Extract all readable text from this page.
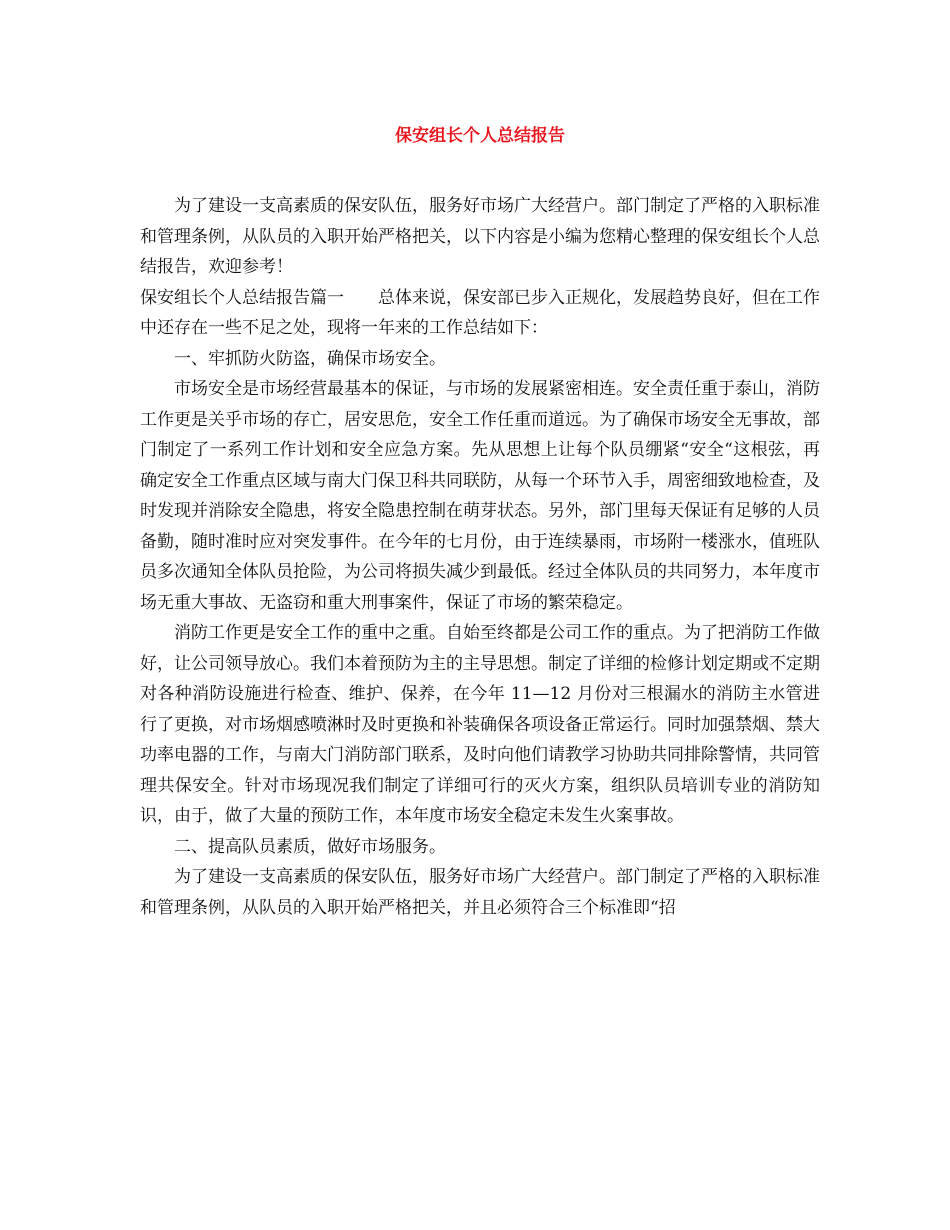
保安组长个人总结报告

为了建设一支高素质的保安队伍，服务好市场广大经营户。部门制定了严格的入职标准和管理条例，从队员的入职开始严格把关，以下内容是小编为您精心整理的保安组长个人总结报告，欢迎参考！

保安组长个人总结报告篇一　　总体来说，保安部已步入正规化，发展趋势良好，但在工作中还存在一些不足之处，现将一年来的工作总结如下：

一、牢抓防火防盗，确保市场安全。

市场安全是市场经营最基本的保证，与市场的发展紧密相连。安全责任重于泰山，消防工作更是关乎市场的存亡，居安思危，安全工作任重而道远。为了确保市场安全无事故，部门制定了一系列工作计划和安全应急方案。先从思想上让每个队员绷紧“安全“这根弦，再确定安全工作重点区域与南大门保卫科共同联防，从每一个环节入手，周密细致地检查，及时发现并消除安全隐患，将安全隐患控制在萌芽状态。另外，部门里每天保证有足够的人员备勤，随时准时应对突发事件。在今年的七月份，由于连续暴雨，市场附一楼涨水，值班队员多次通知全体队员抢险，为公司将损失减少到最低。经过全体队员的共同努力，本年度市场无重大事故、无盗窃和重大刑事案件，保证了市场的繁荣稳定。

消防工作更是安全工作的重中之重。自始至终都是公司工作的重点。为了把消防工作做好，让公司领导放心。我们本着预防为主的主导思想。制定了详细的检修计划定期或不定期对各种消防设施进行检查、维护、保养，在今年 11—12 月份对三根漏水的消防主水管进行了更换，对市场烟感喷淋时及时更换和补装确保各项设备正常运行。同时加强禁烟、禁大功率电器的工作，与南大门消防部门联系，及时向他们请教学习协助共同排除警情，共同管理共保安全。针对市场现况我们制定了详细可行的灭火方案，组织队员培训专业的消防知识，由于，做了大量的预防工作，本年度市场安全稳定未发生火案事故。

二、提高队员素质，做好市场服务。

为了建设一支高素质的保安队伍，服务好市场广大经营户。部门制定了严格的入职标准和管理条例，从队员的入职开始严格把关，并且必须符合三个标准即“招
